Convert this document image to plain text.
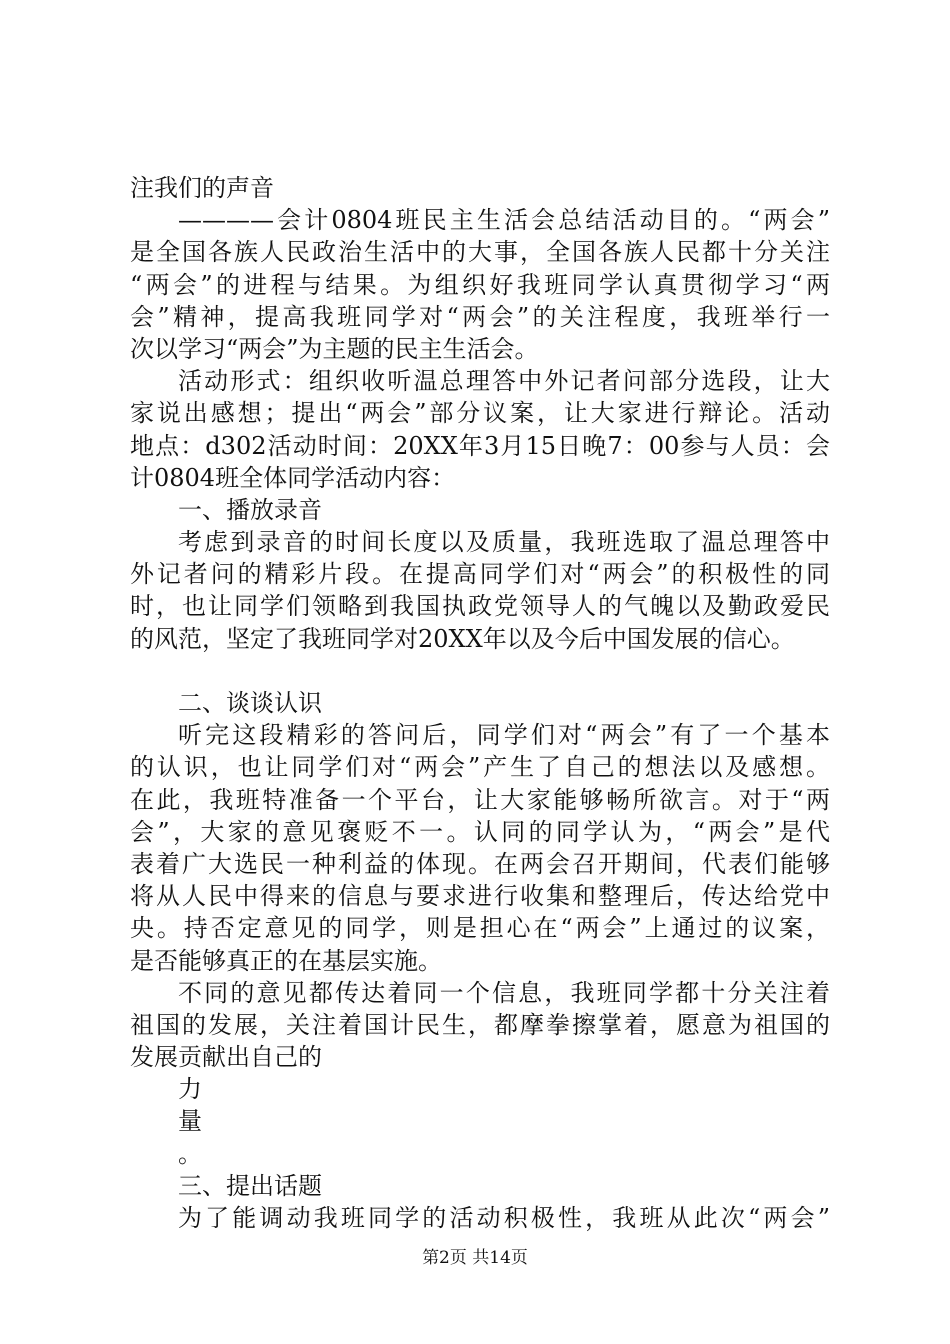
注我们的声音
————会计0804班民主生活会总结活动目的。“两会”
是全国各族人民政治生活中的大事，全国各族人民都十分关注
“两会”的进程与结果。为组织好我班同学认真贯彻学习“两
会”精神，提高我班同学对“两会”的关注程度，我班举行一
次以学习“两会”为主题的民主生活会。
活动形式：组织收听温总理答中外记者问部分选段，让大
家说出感想；提出“两会”部分议案，让大家进行辩论。活动
地点：d302活动时间：20XX年3月15日晚7：00参与人员：会
计0804班全体同学活动内容：
一、播放录音
考虑到录音的时间长度以及质量，我班选取了温总理答中
外记者问的精彩片段。在提高同学们对“两会”的积极性的同
时，也让同学们领略到我国执政党领导人的气魄以及勤政爱民
的风范，坚定了我班同学对20XX年以及今后中国发展的信心。
二、谈谈认识
听完这段精彩的答问后，同学们对“两会”有了一个基本
的认识，也让同学们对“两会”产生了自己的想法以及感想。
在此，我班特准备一个平台，让大家能够畅所欲言。对于“两
会”，大家的意见褒贬不一。认同的同学认为，“两会”是代
表着广大选民一种利益的体现。在两会召开期间，代表们能够
将从人民中得来的信息与要求进行收集和整理后，传达给党中
央。持否定意见的同学，则是担心在“两会”上通过的议案，
是否能够真正的在基层实施。
不同的意见都传达着同一个信息，我班同学都十分关注着
祖国的发展，关注着国计民生，都摩拳擦掌着，愿意为祖国的
发展贡献出自己的
力
量
。
三、提出话题
为了能调动我班同学的活动积极性，我班从此次“两会”
第2页 共14页
